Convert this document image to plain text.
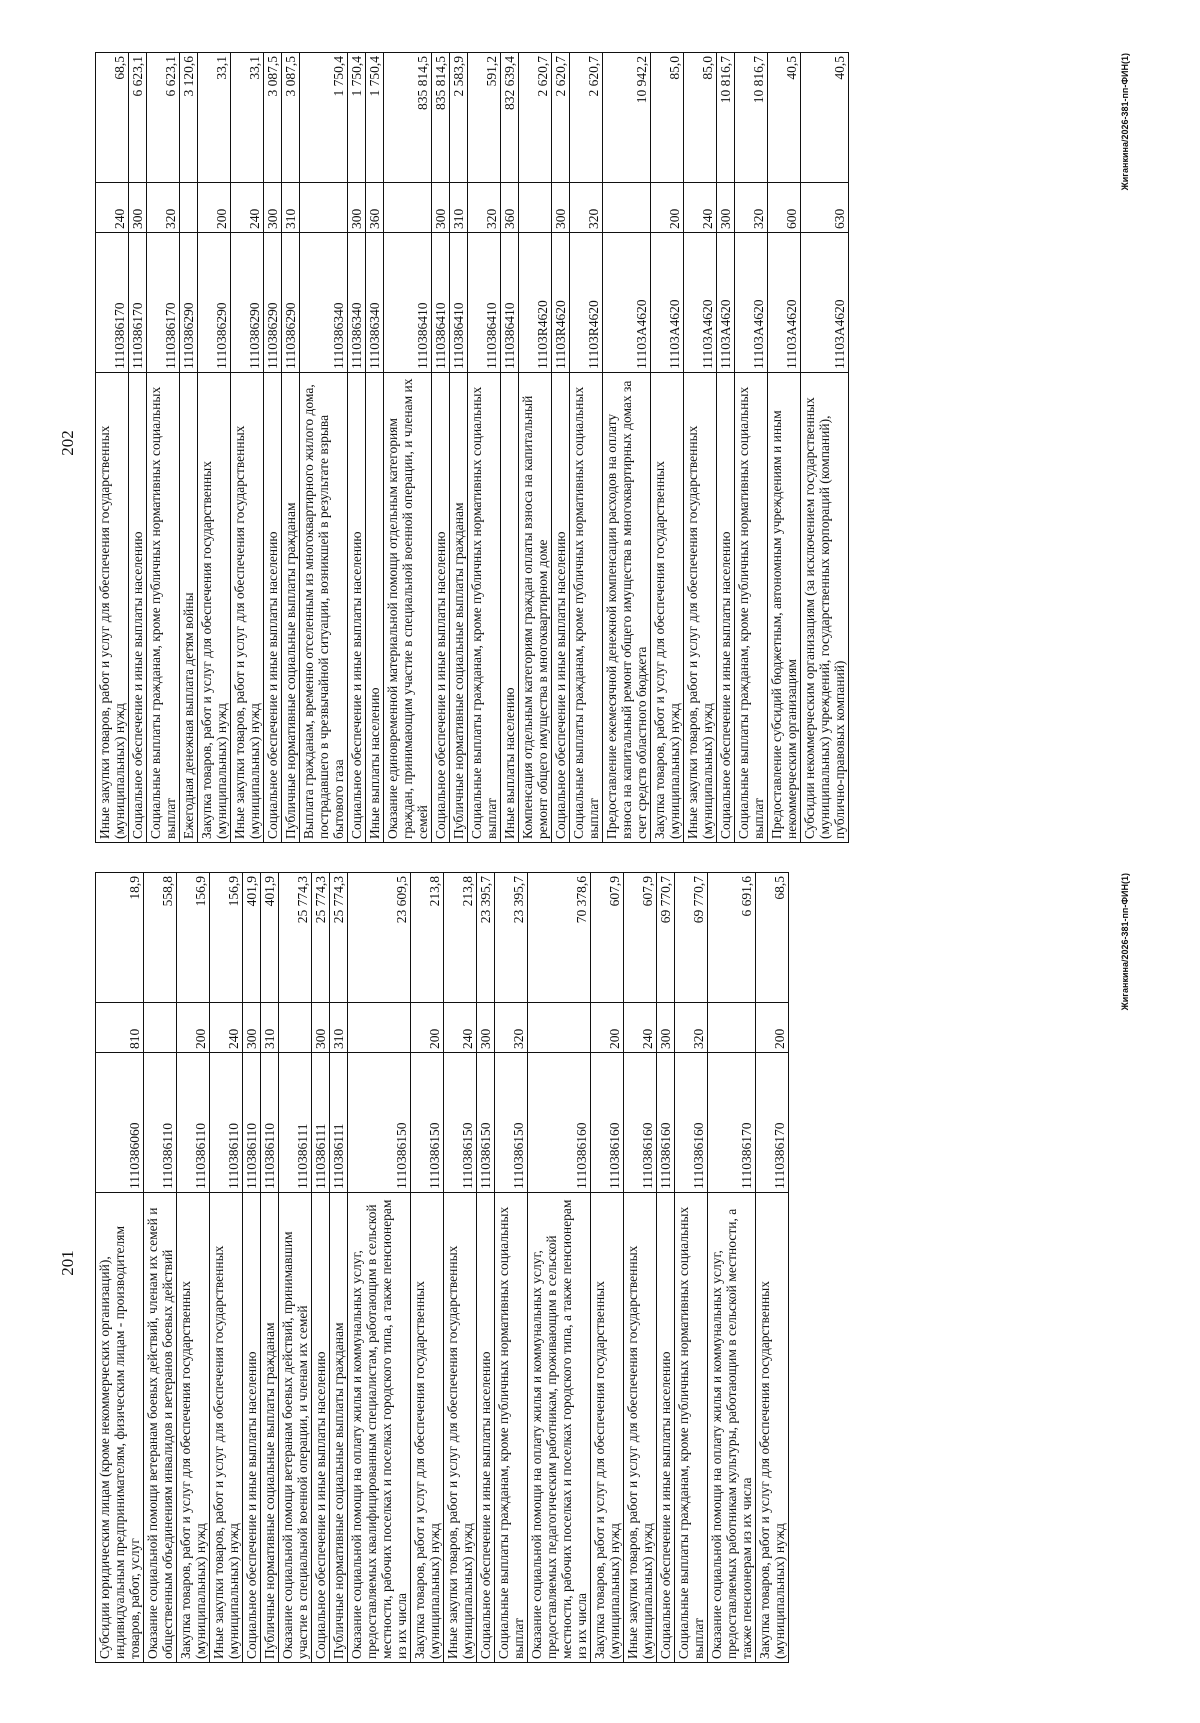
201 Субсидии юридическим лицам (кроме некоммерческих организаций), индивидуальным предпринимателям, физическим лицам - производителям товаров, работ, услуг	1110386060	810	18,9
Оказание социальной помощи ветеранам боевых действий, членам их семей и общественным объединениям инвалидов и ветеранов боевых действий	1110386110		558,8
Закупка товаров, работ и услуг для обеспечения государственных (муниципальных) нужд	1110386110	200	156,9
Иные закупки товаров, работ и услуг для обеспечения государственных (муниципальных) нужд	1110386110	240	156,9
Социальное обеспечение и иные выплаты населению	1110386110	300	401,9
Публичные нормативные социальные выплаты гражданам	1110386110	310	401,9
Оказание социальной помощи ветеранам боевых действий, принимавшим участие в специальной военной операции, и членам их семей	1110386111		25 774,3
Социальное обеспечение и иные выплаты населению	1110386111	300	25 774,3
Публичные нормативные социальные выплаты гражданам	1110386111	310	25 774,3
Оказание социальной помощи на оплату жилья и коммунальных услуг, предоставляемых квалифицированным специалистам, работающим в сельской местности, рабочих поселках и поселках городского типа, а также пенсионерам из их числа	1110386150		23 609,5
Закупка товаров, работ и услуг для обеспечения государственных (муниципальных) нужд	1110386150	200	213,8
Иные закупки товаров, работ и услуг для обеспечения государственных (муниципальных) нужд	1110386150	240	213,8
Социальное обеспечение и иные выплаты населению	1110386150	300	23 395,7
Социальные выплаты гражданам, кроме публичных нормативных социальных выплат	1110386150	320	23 395,7
Оказание социальной помощи на оплату жилья и коммунальных услуг, предоставляемых педагогическим работникам, проживающим в сельской местности, рабочих поселках и поселках городского типа, а также пенсионерам из их числа	1110386160		70 378,6
Закупка товаров, работ и услуг для обеспечения государственных (муниципальных) нужд	1110386160	200	607,9
Иные закупки товаров, работ и услуг для обеспечения государственных (муниципальных) нужд	1110386160	240	607,9
Социальное обеспечение и иные выплаты населению	1110386160	300	69 770,7
Социальные выплаты гражданам, кроме публичных нормативных социальных выплат	1110386160	320	69 770,7
Оказание социальной помощи на оплату жилья и коммунальных услуг, предоставляемых работникам культуры, работающим в сельской местности, а также пенсионерам из их числа	1110386170		6 691,6
Закупка товаров, работ и услуг для обеспечения государственных (муниципальных) нужд	1110386170	200	68,5	Жиганкина/2026-381-пп-ФИН(1)
202 Иные закупки товаров, работ и услуг для обеспечения государственных (муниципальных) нужд	1110386170	240	68,5
Социальное обеспечение и иные выплаты населению	1110386170	300	6 623,1
Социальные выплаты гражданам, кроме публичных нормативных социальных выплат	1110386170	320	6 623,1
Ежегодная денежная выплата детям войны	1110386290		3 120,6
Закупка товаров, работ и услуг для обеспечения государственных (муниципальных) нужд	1110386290	200	33,1
Иные закупки товаров, работ и услуг для обеспечения государственных (муниципальных) нужд	1110386290	240	33,1
Социальное обеспечение и иные выплаты населению	1110386290	300	3 087,5
Публичные нормативные социальные выплаты гражданам	1110386290	310	3 087,5
Выплата гражданам, временно отселенным из многоквартирного жилого дома, пострадавшего в чрезвычайной ситуации, возникшей в результате взрыва бытового газа	1110386340		1 750,4
Социальное обеспечение и иные выплаты населению	1110386340	300	1 750,4
Иные выплаты населению	1110386340	360	1 750,4
Оказание единовременной материальной помощи отдельным категориям граждан, принимающим участие в специальной военной операции, и членам их семей	1110386410		835 814,5
Социальное обеспечение и иные выплаты населению	1110386410	300	835 814,5
Публичные нормативные социальные выплаты гражданам	1110386410	310	2 583,9
Социальные выплаты гражданам, кроме публичных нормативных социальных выплат	1110386410	320	591,2
Иные выплаты населению	1110386410	360	832 639,4
Компенсация отдельным категориям граждан оплаты взноса на капитальный ремонт общего имущества в многоквартирном доме	11103R4620		2 620,7
Социальное обеспечение и иные выплаты населению	11103R4620	300	2 620,7
Социальные выплаты гражданам, кроме публичных нормативных социальных выплат	11103R4620	320	2 620,7
Предоставление ежемесячной денежной компенсации расходов на оплату взноса на капитальный ремонт общего имущества в многоквартирных домах за счет средств областного бюджета	11103А4620		10 942,2
Закупка товаров, работ и услуг для обеспечения государственных (муниципальных) нужд	11103А4620	200	85,0
Иные закупки товаров, работ и услуг для обеспечения государственных (муниципальных) нужд	11103А4620	240	85,0
Социальное обеспечение и иные выплаты населению	11103А4620	300	10 816,7
Социальные выплаты гражданам, кроме публичных нормативных социальных выплат	11103А4620	320	10 816,7
Предоставление субсидий бюджетным, автономным учреждениям и иным некоммерческим организациям	11103А4620	600	40,5
Субсидии некоммерческим организациям (за исключением государственных (муниципальных) учреждений, государственных корпораций (компаний), публично-правовых компаний)	11103А4620	630	40,5	Жиганкина/2026-381-пп-ФИН(1)
